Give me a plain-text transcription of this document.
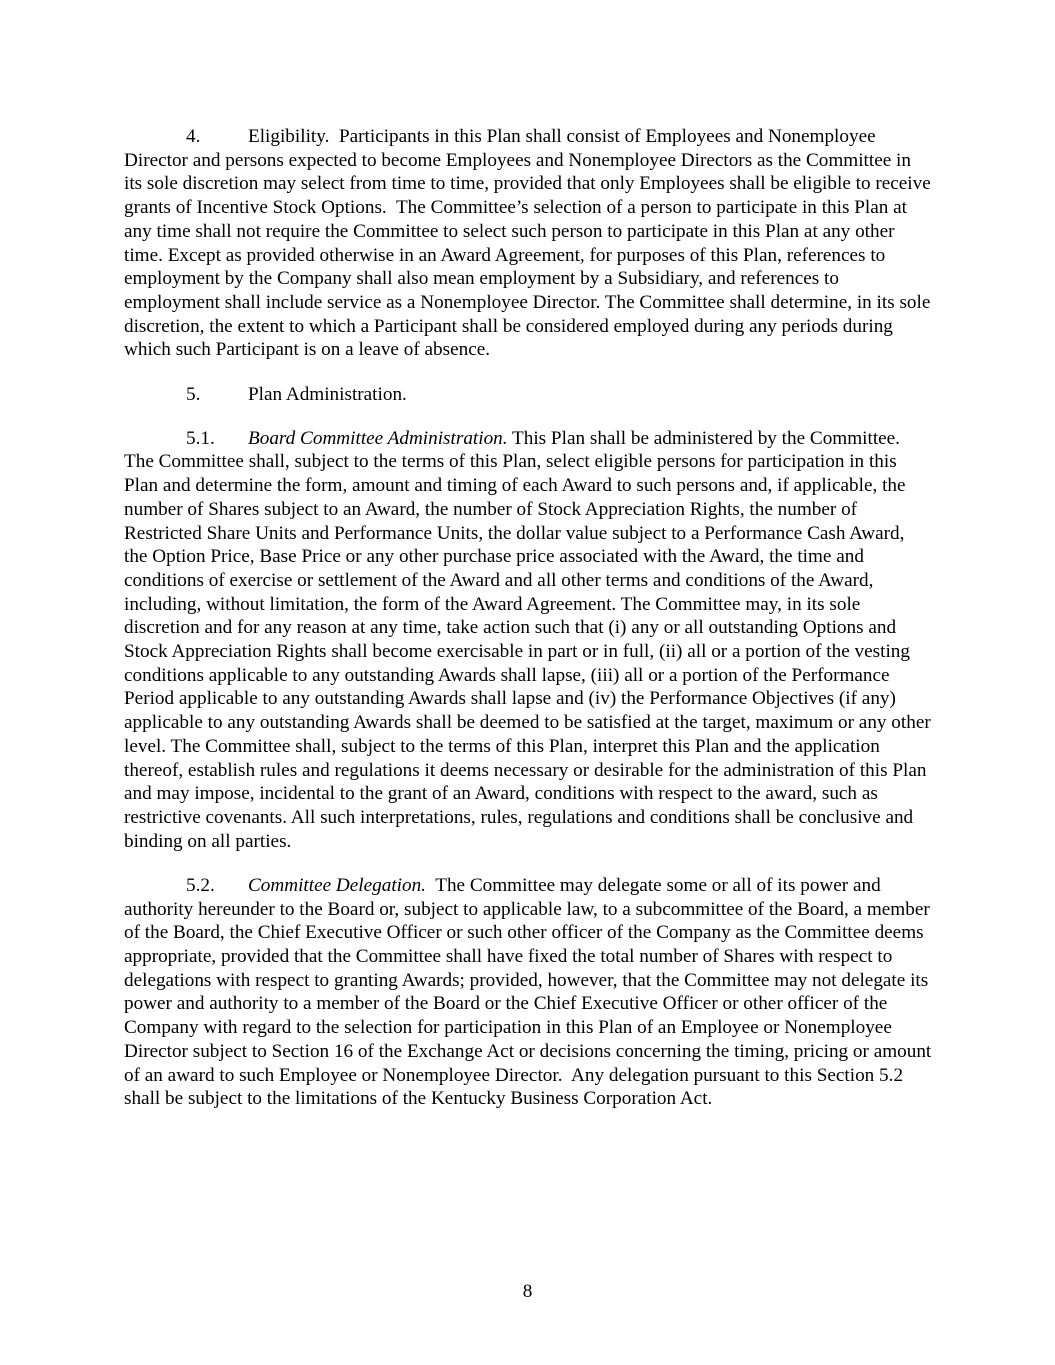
4. Eligibility.  Participants in this Plan shall consist of Employees and Nonemployee Director and persons expected to become Employees and Nonemployee Directors as the Committee in its sole discretion may select from time to time, provided that only Employees shall be eligible to receive grants of Incentive Stock Options.  The Committee’s selection of a person to participate in this Plan at any time shall not require the Committee to select such person to participate in this Plan at any other time. Except as provided otherwise in an Award Agreement, for purposes of this Plan, references to employment by the Company shall also mean employment by a Subsidiary, and references to employment shall include service as a Nonemployee Director. The Committee shall determine, in its sole discretion, the extent to which a Participant shall be considered employed during any periods during which such Participant is on a leave of absence.

5. Plan Administration.

5.1. Board Committee Administration. This Plan shall be administered by the Committee. The Committee shall, subject to the terms of this Plan, select eligible persons for participation in this Plan and determine the form, amount and timing of each Award to such persons and, if applicable, the number of Shares subject to an Award, the number of Stock Appreciation Rights, the number of Restricted Share Units and Performance Units, the dollar value subject to a Performance Cash Award, the Option Price, Base Price or any other purchase price associated with the Award, the time and conditions of exercise or settlement of the Award and all other terms and conditions of the Award, including, without limitation, the form of the Award Agreement. The Committee may, in its sole discretion and for any reason at any time, take action such that (i) any or all outstanding Options and Stock Appreciation Rights shall become exercisable in part or in full, (ii) all or a portion of the vesting conditions applicable to any outstanding Awards shall lapse, (iii) all or a portion of the Performance Period applicable to any outstanding Awards shall lapse and (iv) the Performance Objectives (if any) applicable to any outstanding Awards shall be deemed to be satisfied at the target, maximum or any other level. The Committee shall, subject to the terms of this Plan, interpret this Plan and the application thereof, establish rules and regulations it deems necessary or desirable for the administration of this Plan and may impose, incidental to the grant of an Award, conditions with respect to the award, such as restrictive covenants. All such interpretations, rules, regulations and conditions shall be conclusive and binding on all parties.

5.2. Committee Delegation.  The Committee may delegate some or all of its power and authority hereunder to the Board or, subject to applicable law, to a subcommittee of the Board, a member of the Board, the Chief Executive Officer or such other officer of the Company as the Committee deems appropriate, provided that the Committee shall have fixed the total number of Shares with respect to delegations with respect to granting Awards; provided, however, that the Committee may not delegate its power and authority to a member of the Board or the Chief Executive Officer or other officer of the Company with regard to the selection for participation in this Plan of an Employee or Nonemployee Director subject to Section 16 of the Exchange Act or decisions concerning the timing, pricing or amount of an award to such Employee or Nonemployee Director.  Any delegation pursuant to this Section 5.2  shall be subject to the limitations of the Kentucky Business Corporation Act.

8
